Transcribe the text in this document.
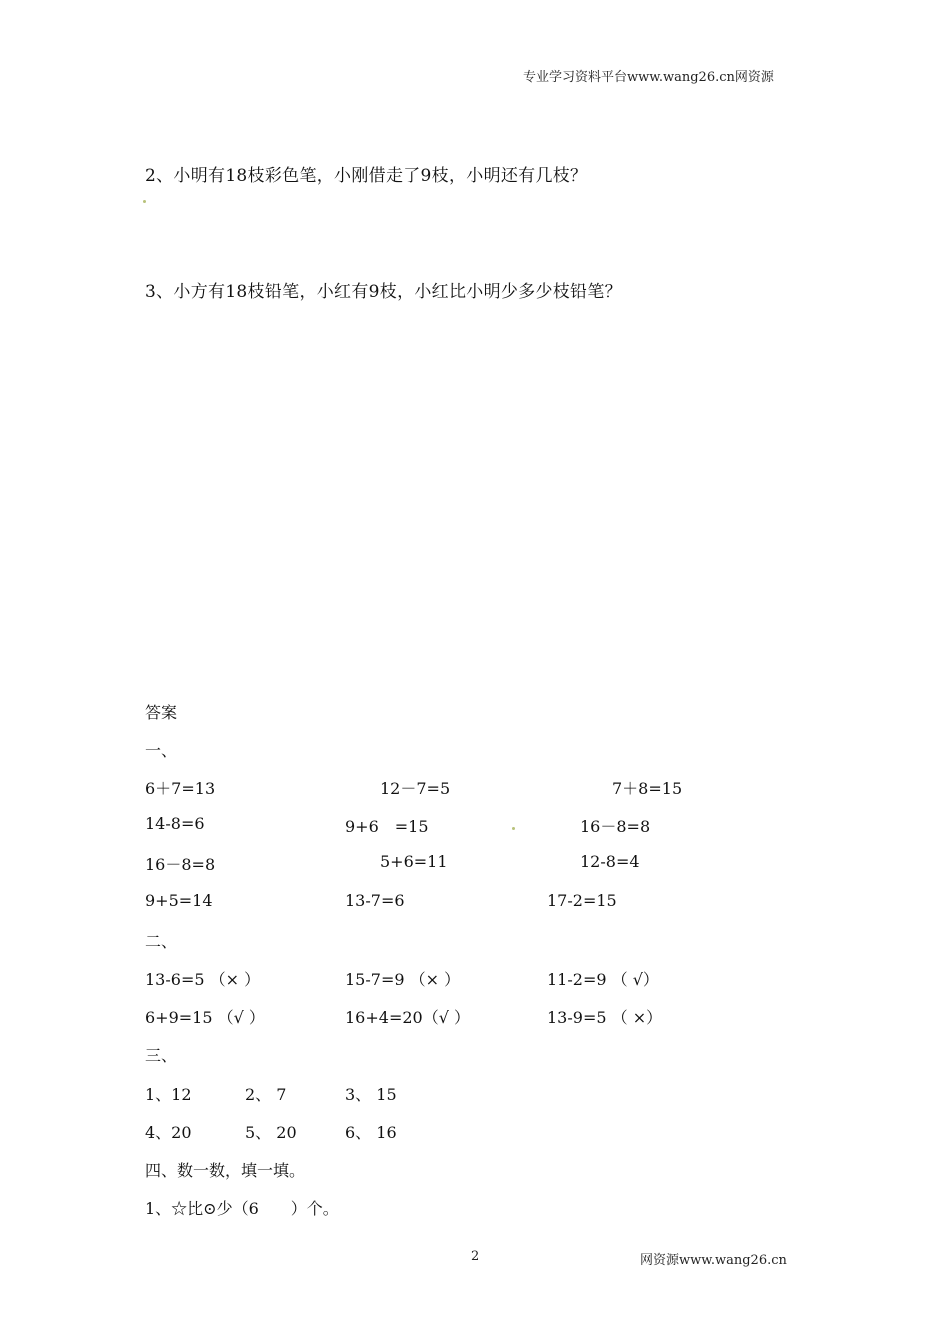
专业学习资料平台www.wang26.cn网资源
2、小明有18枝彩色笔，小刚借走了9枝，小明还有几枝？
3、小方有18枝铅笔，小红有9枝，小红比小明少多少枝铅笔？
答案
一、
6＋7=13	12－7=5	7＋8=15
14-8=6	9+6　=15	16－8=8
16－8=8	5+6=11	12-8=4
9+5=14	13-7=6	17-2=15
二、
13-6=5 （× ）	15-7=9 （× ）	11-2=9 （ √）
6+9=15 （√ ）	16+4=20（√ ）	13-9=5 （ ×）
三、
1、12	2、 7	3、 15
4、20	5、 20	6、 16
四、数一数，填一填。
1、☆比⊙少（6　　）个。
2	网资源www.wang26.cn
